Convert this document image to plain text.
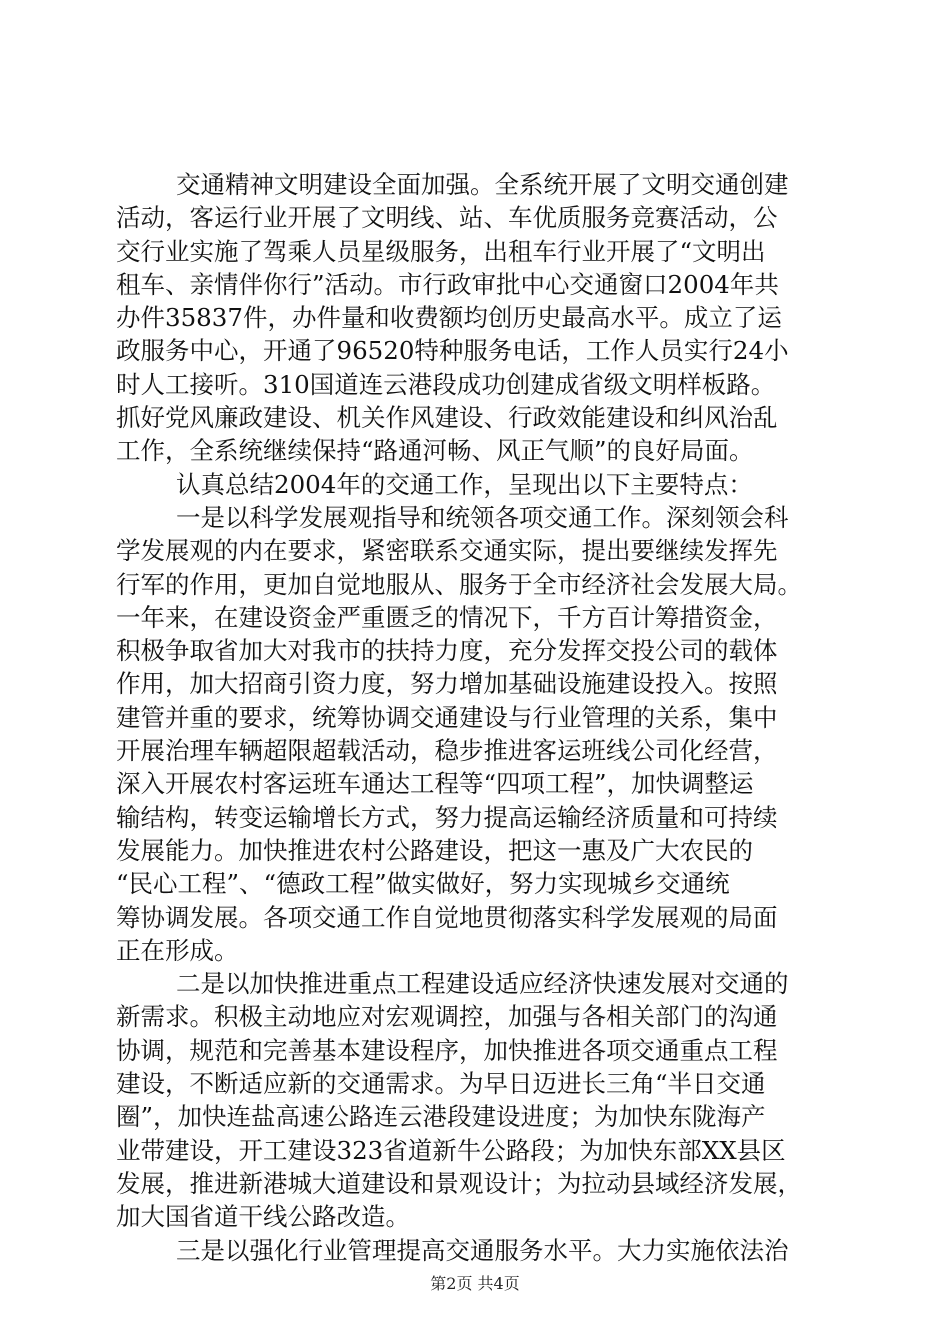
交通精神文明建设全面加强。全系统开展了文明交通创建
活动，客运行业开展了文明线、站、车优质服务竞赛活动，公
交行业实施了驾乘人员星级服务，出租车行业开展了“文明出
租车、亲情伴你行”活动。市行政审批中心交通窗口2004年共
办件35837件，办件量和收费额均创历史最高水平。成立了运
政服务中心，开通了96520特种服务电话，工作人员实行24小
时人工接听。310国道连云港段成功创建成省级文明样板路。
抓好党风廉政建设、机关作风建设、行政效能建设和纠风治乱
工作，全系统继续保持“路通河畅、风正气顺”的良好局面。
认真总结2004年的交通工作，呈现出以下主要特点：
一是以科学发展观指导和统领各项交通工作。深刻领会科
学发展观的内在要求，紧密联系交通实际，提出要继续发挥先
行军的作用，更加自觉地服从、服务于全市经济社会发展大局。
一年来，在建设资金严重匮乏的情况下，千方百计筹措资金，
积极争取省加大对我市的扶持力度，充分发挥交投公司的载体
作用，加大招商引资力度，努力增加基础设施建设投入。按照
建管并重的要求，统筹协调交通建设与行业管理的关系，集中
开展治理车辆超限超载活动，稳步推进客运班线公司化经营，
深入开展农村客运班车通达工程等“四项工程”，加快调整运
输结构，转变运输增长方式，努力提高运输经济质量和可持续
发展能力。加快推进农村公路建设，把这一惠及广大农民的
“民心工程”、“德政工程”做实做好，努力实现城乡交通统
筹协调发展。各项交通工作自觉地贯彻落实科学发展观的局面
正在形成。
二是以加快推进重点工程建设适应经济快速发展对交通的
新需求。积极主动地应对宏观调控，加强与各相关部门的沟通
协调，规范和完善基本建设程序，加快推进各项交通重点工程
建设，不断适应新的交通需求。为早日迈进长三角“半日交通
圈”，加快连盐高速公路连云港段建设进度；为加快东陇海产
业带建设，开工建设323省道新牛公路段；为加快东部XX县区
发展，推进新港城大道建设和景观设计；为拉动县域经济发展，
加大国省道干线公路改造。
三是以强化行业管理提高交通服务水平。大力实施依法治
第2页 共4页
